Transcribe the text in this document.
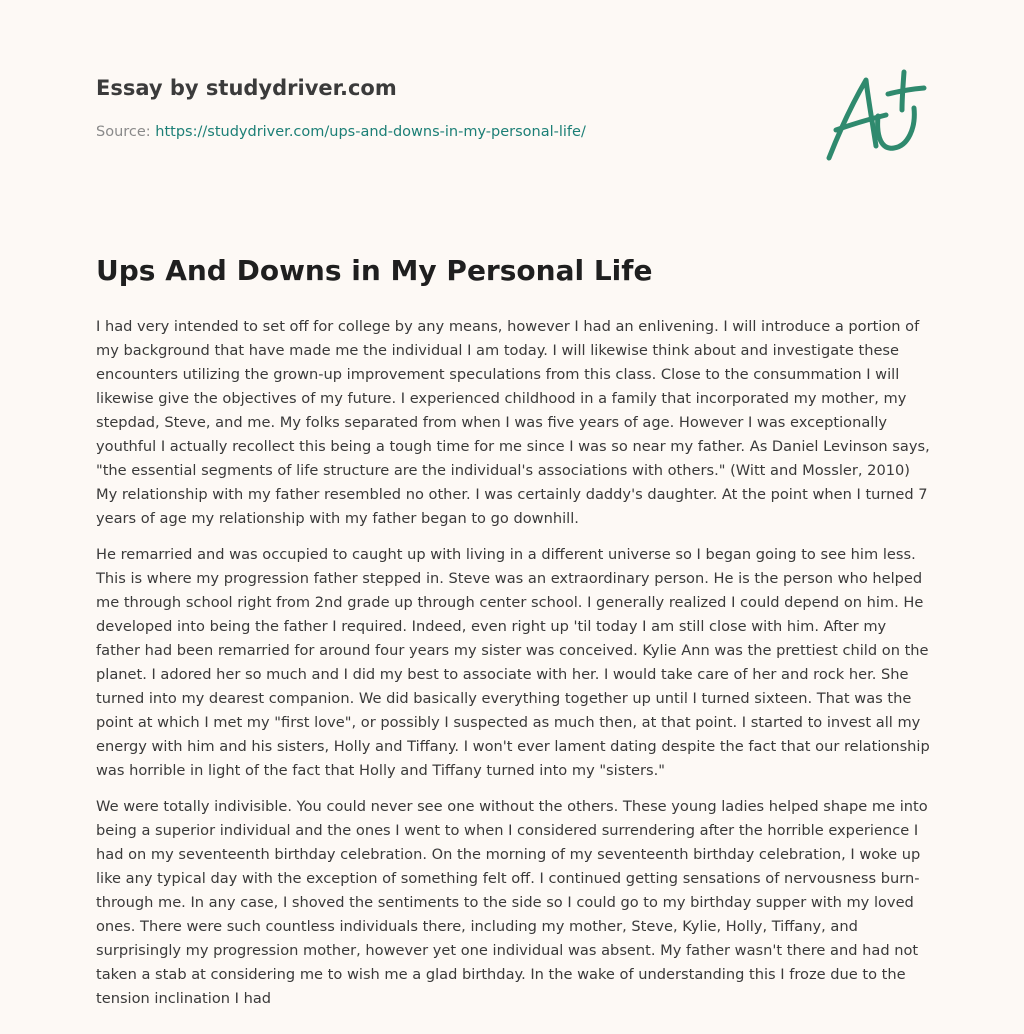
Essay by studydriver.com
Source: https://studydriver.com/ups-and-downs-in-my-personal-life/
Ups And Downs in My Personal Life

I had very intended to set off for college by any means, however I had an enlivening. I will introduce a portion of my background that have made me the individual I am today. I will likewise think about and investigate these encounters utilizing the grown-up improvement speculations from this class. Close to the consummation I will likewise give the objectives of my future. I experienced childhood in a family that incorporated my mother, my stepdad, Steve, and me. My folks separated from when I was five years of age. However I was exceptionally youthful I actually recollect this being a tough time for me since I was so near my father. As Daniel Levinson says, "the essential segments of life structure are the individual's associations with others." (Witt and Mossler, 2010) My relationship with my father resembled no other. I was certainly daddy's daughter. At the point when I turned 7 years of age my relationship with my father began to go downhill.

He remarried and was occupied to caught up with living in a different universe so I began going to see him less. This is where my progression father stepped in. Steve was an extraordinary person. He is the person who helped me through school right from 2nd grade up through center school. I generally realized I could depend on him. He developed into being the father I required. Indeed, even right up 'til today I am still close with him. After my father had been remarried for around four years my sister was conceived. Kylie Ann was the prettiest child on the planet. I adored her so much and I did my best to associate with her. I would take care of her and rock her. She turned into my dearest companion. We did basically everything together up until I turned sixteen. That was the point at which I met my "first love", or possibly I suspected as much then, at that point. I started to invest all my energy with him and his sisters, Holly and Tiffany. I won't ever lament dating despite the fact that our relationship was horrible in light of the fact that Holly and Tiffany turned into my "sisters."

We were totally indivisible. You could never see one without the others. These young ladies helped shape me into being a superior individual and the ones I went to when I considered surrendering after the horrible experience I had on my seventeenth birthday celebration. On the morning of my seventeenth birthday celebration, I woke up like any typical day with the exception of something felt off. I continued getting sensations of nervousness burn-through me. In any case, I shoved the sentiments to the side so I could go to my birthday supper with my loved ones. There were such countless individuals there, including my mother, Steve, Kylie, Holly, Tiffany, and surprisingly my progression mother, however yet one individual was absent. My father wasn't there and had not taken a stab at considering me to wish me a glad birthday. In the wake of understanding this I froze due to the tension inclination I had
